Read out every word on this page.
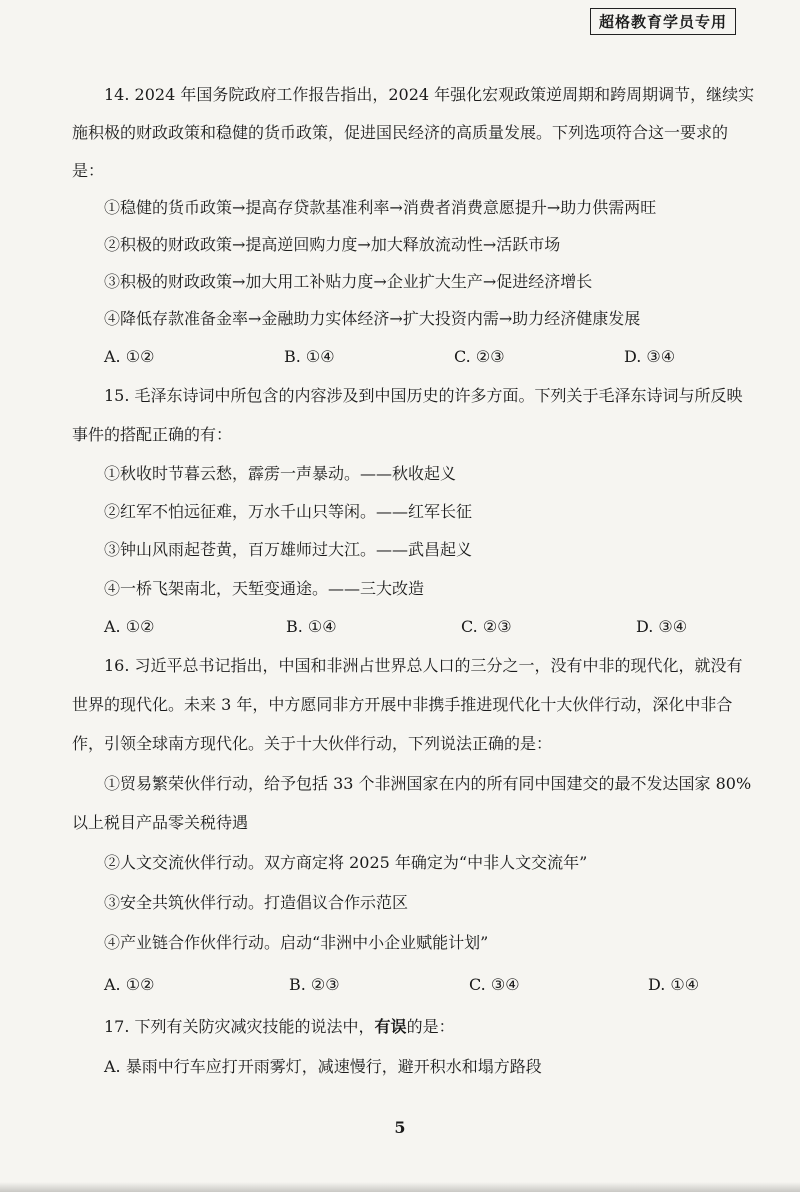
超格教育学员专用
14. 2024 年国务院政府工作报告指出，2024 年强化宏观政策逆周期和跨周期调节，继续实
施积极的财政政策和稳健的货币政策，促进国民经济的高质量发展。下列选项符合这一要求的
是：
①稳健的货币政策→提高存贷款基准利率→消费者消费意愿提升→助力供需两旺
②积极的财政政策→提高逆回购力度→加大释放流动性→活跃市场
③积极的财政政策→加大用工补贴力度→企业扩大生产→促进经济增长
④降低存款准备金率→金融助力实体经济→扩大投资内需→助力经济健康发展
A. ①②	B. ①④	C. ②③	D. ③④
15. 毛泽东诗词中所包含的内容涉及到中国历史的许多方面。下列关于毛泽东诗词与所反映
事件的搭配正确的有：
①秋收时节暮云愁，霹雳一声暴动。——秋收起义
②红军不怕远征难，万水千山只等闲。——红军长征
③钟山风雨起苍黄，百万雄师过大江。——武昌起义
④一桥飞架南北，天堑变通途。——三大改造
A. ①②	B. ①④	C. ②③	D. ③④
16. 习近平总书记指出，中国和非洲占世界总人口的三分之一，没有中非的现代化，就没有
世界的现代化。未来 3 年，中方愿同非方开展中非携手推进现代化十大伙伴行动，深化中非合
作，引领全球南方现代化。关于十大伙伴行动，下列说法正确的是：
①贸易繁荣伙伴行动，给予包括 33 个非洲国家在内的所有同中国建交的最不发达国家 80%
以上税目产品零关税待遇
②人文交流伙伴行动。双方商定将 2025 年确定为“中非人文交流年”
③安全共筑伙伴行动。打造倡议合作示范区
④产业链合作伙伴行动。启动“非洲中小企业赋能计划”
A. ①②	B. ②③	C. ③④	D. ①④
17. 下列有关防灾减灾技能的说法中，有误的是：
A. 暴雨中行车应打开雨雾灯，减速慢行，避开积水和塌方路段
5
